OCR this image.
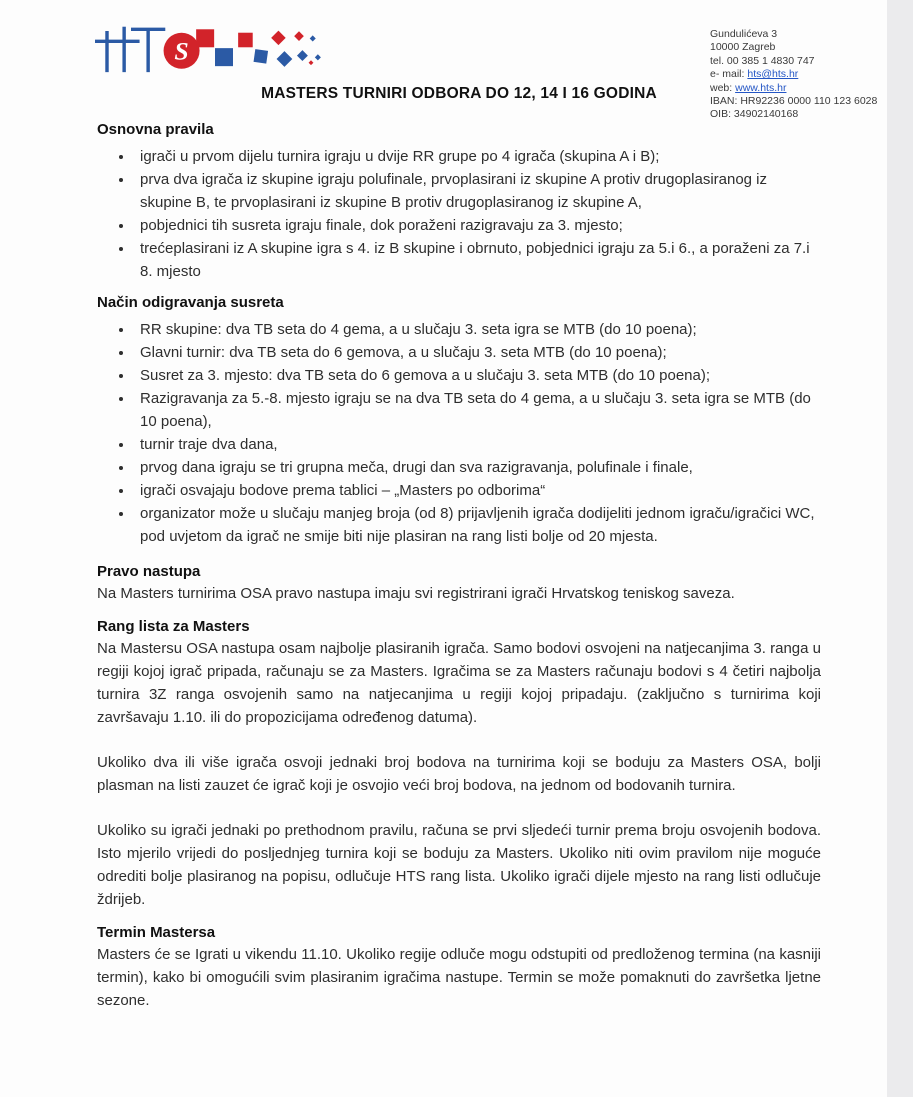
S
Gundulićeva 3
10000 Zagreb
tel. 00 385 1 4830 747
e- mail: hts@hts.hr
web: www.hts.hr
IBAN: HR92236 0000 110 123 6028
OIB: 34902140168
MASTERS TURNIRI ODBORA DO 12, 14 I 16 GODINA
Osnovna pravila
• igrači u prvom dijelu turnira igraju u dvije RR grupe po 4 igrača (skupina A i B);
• prva dva igrača iz skupine igraju polufinale, prvoplasirani iz skupine A protiv drugoplasiranog iz skupine B, te prvoplasirani iz skupine B protiv drugoplasiranog iz skupine A,
• pobjednici tih susreta igraju finale, dok poraženi razigravaju za 3. mjesto;
• trećeplasirani iz A skupine igra s 4. iz B skupine i obrnuto, pobjednici igraju za 5.i 6., a poraženi za 7.i 8. mjesto
Način odigravanja susreta
• RR skupine: dva TB seta do 4 gema, a u slučaju 3. seta igra se MTB (do 10 poena);
• Glavni turnir: dva TB seta do 6 gemova, a u slučaju 3. seta MTB (do 10 poena);
• Susret za 3. mjesto: dva TB seta do 6 gemova a u slučaju 3. seta MTB (do 10 poena);
• Razigravanja za 5.-8. mjesto igraju se na dva TB seta do 4 gema, a u slučaju 3. seta igra se MTB (do 10 poena),
• turnir traje dva dana,
• prvog dana igraju se tri grupna meča, drugi dan sva razigravanja, polufinale i finale,
• igrači osvajaju bodove prema tablici – „Masters po odborima“
• organizator može u slučaju manjeg broja (od 8) prijavljenih igrača dodijeliti jednom igraču/igračici WC, pod uvjetom da igrač ne smije biti nije plasiran na rang listi bolje od 20 mjesta.
Pravo nastupa

Na Masters turnirima OSA pravo nastupa imaju svi registrirani igrači Hrvatskog teniskog saveza.

Rang lista za Masters

Na Mastersu OSA nastupa osam najbolje plasiranih igrača. Samo bodovi osvojeni na natjecanjima 3. ranga u regiji kojoj igrač pripada, računaju se za Masters. Igračima se za Masters računaju bodovi s 4 četiri najbolja turnira 3Z ranga osvojenih samo na natjecanjima u regiji kojoj pripadaju. (zaključno s turnirima koji završavaju 1.10. ili do propozicijama određenog datuma).

Ukoliko dva ili više igrača osvoji jednaki broj bodova na turnirima koji se boduju za Masters OSA, bolji plasman na listi zauzet će igrač koji je osvojio veći broj bodova, na jednom od bodovanih turnira.

Ukoliko su igrači jednaki po prethodnom pravilu, računa se prvi sljedeći turnir prema broju osvojenih bodova. Isto mjerilo vrijedi do posljednjeg turnira koji se boduju za Masters. Ukoliko niti ovim pravilom nije moguće odrediti bolje plasiranog na popisu, odlučuje HTS rang lista. Ukoliko igrači dijele mjesto na rang listi odlučuje ždrijeb.

Termin Mastersa

Masters će se Igrati u vikendu 11.10. Ukoliko regije odluče mogu odstupiti od predloženog termina (na kasniji termin), kako bi omogućili svim plasiranim igračima nastupe. Termin se može pomaknuti do završetka ljetne sezone.
